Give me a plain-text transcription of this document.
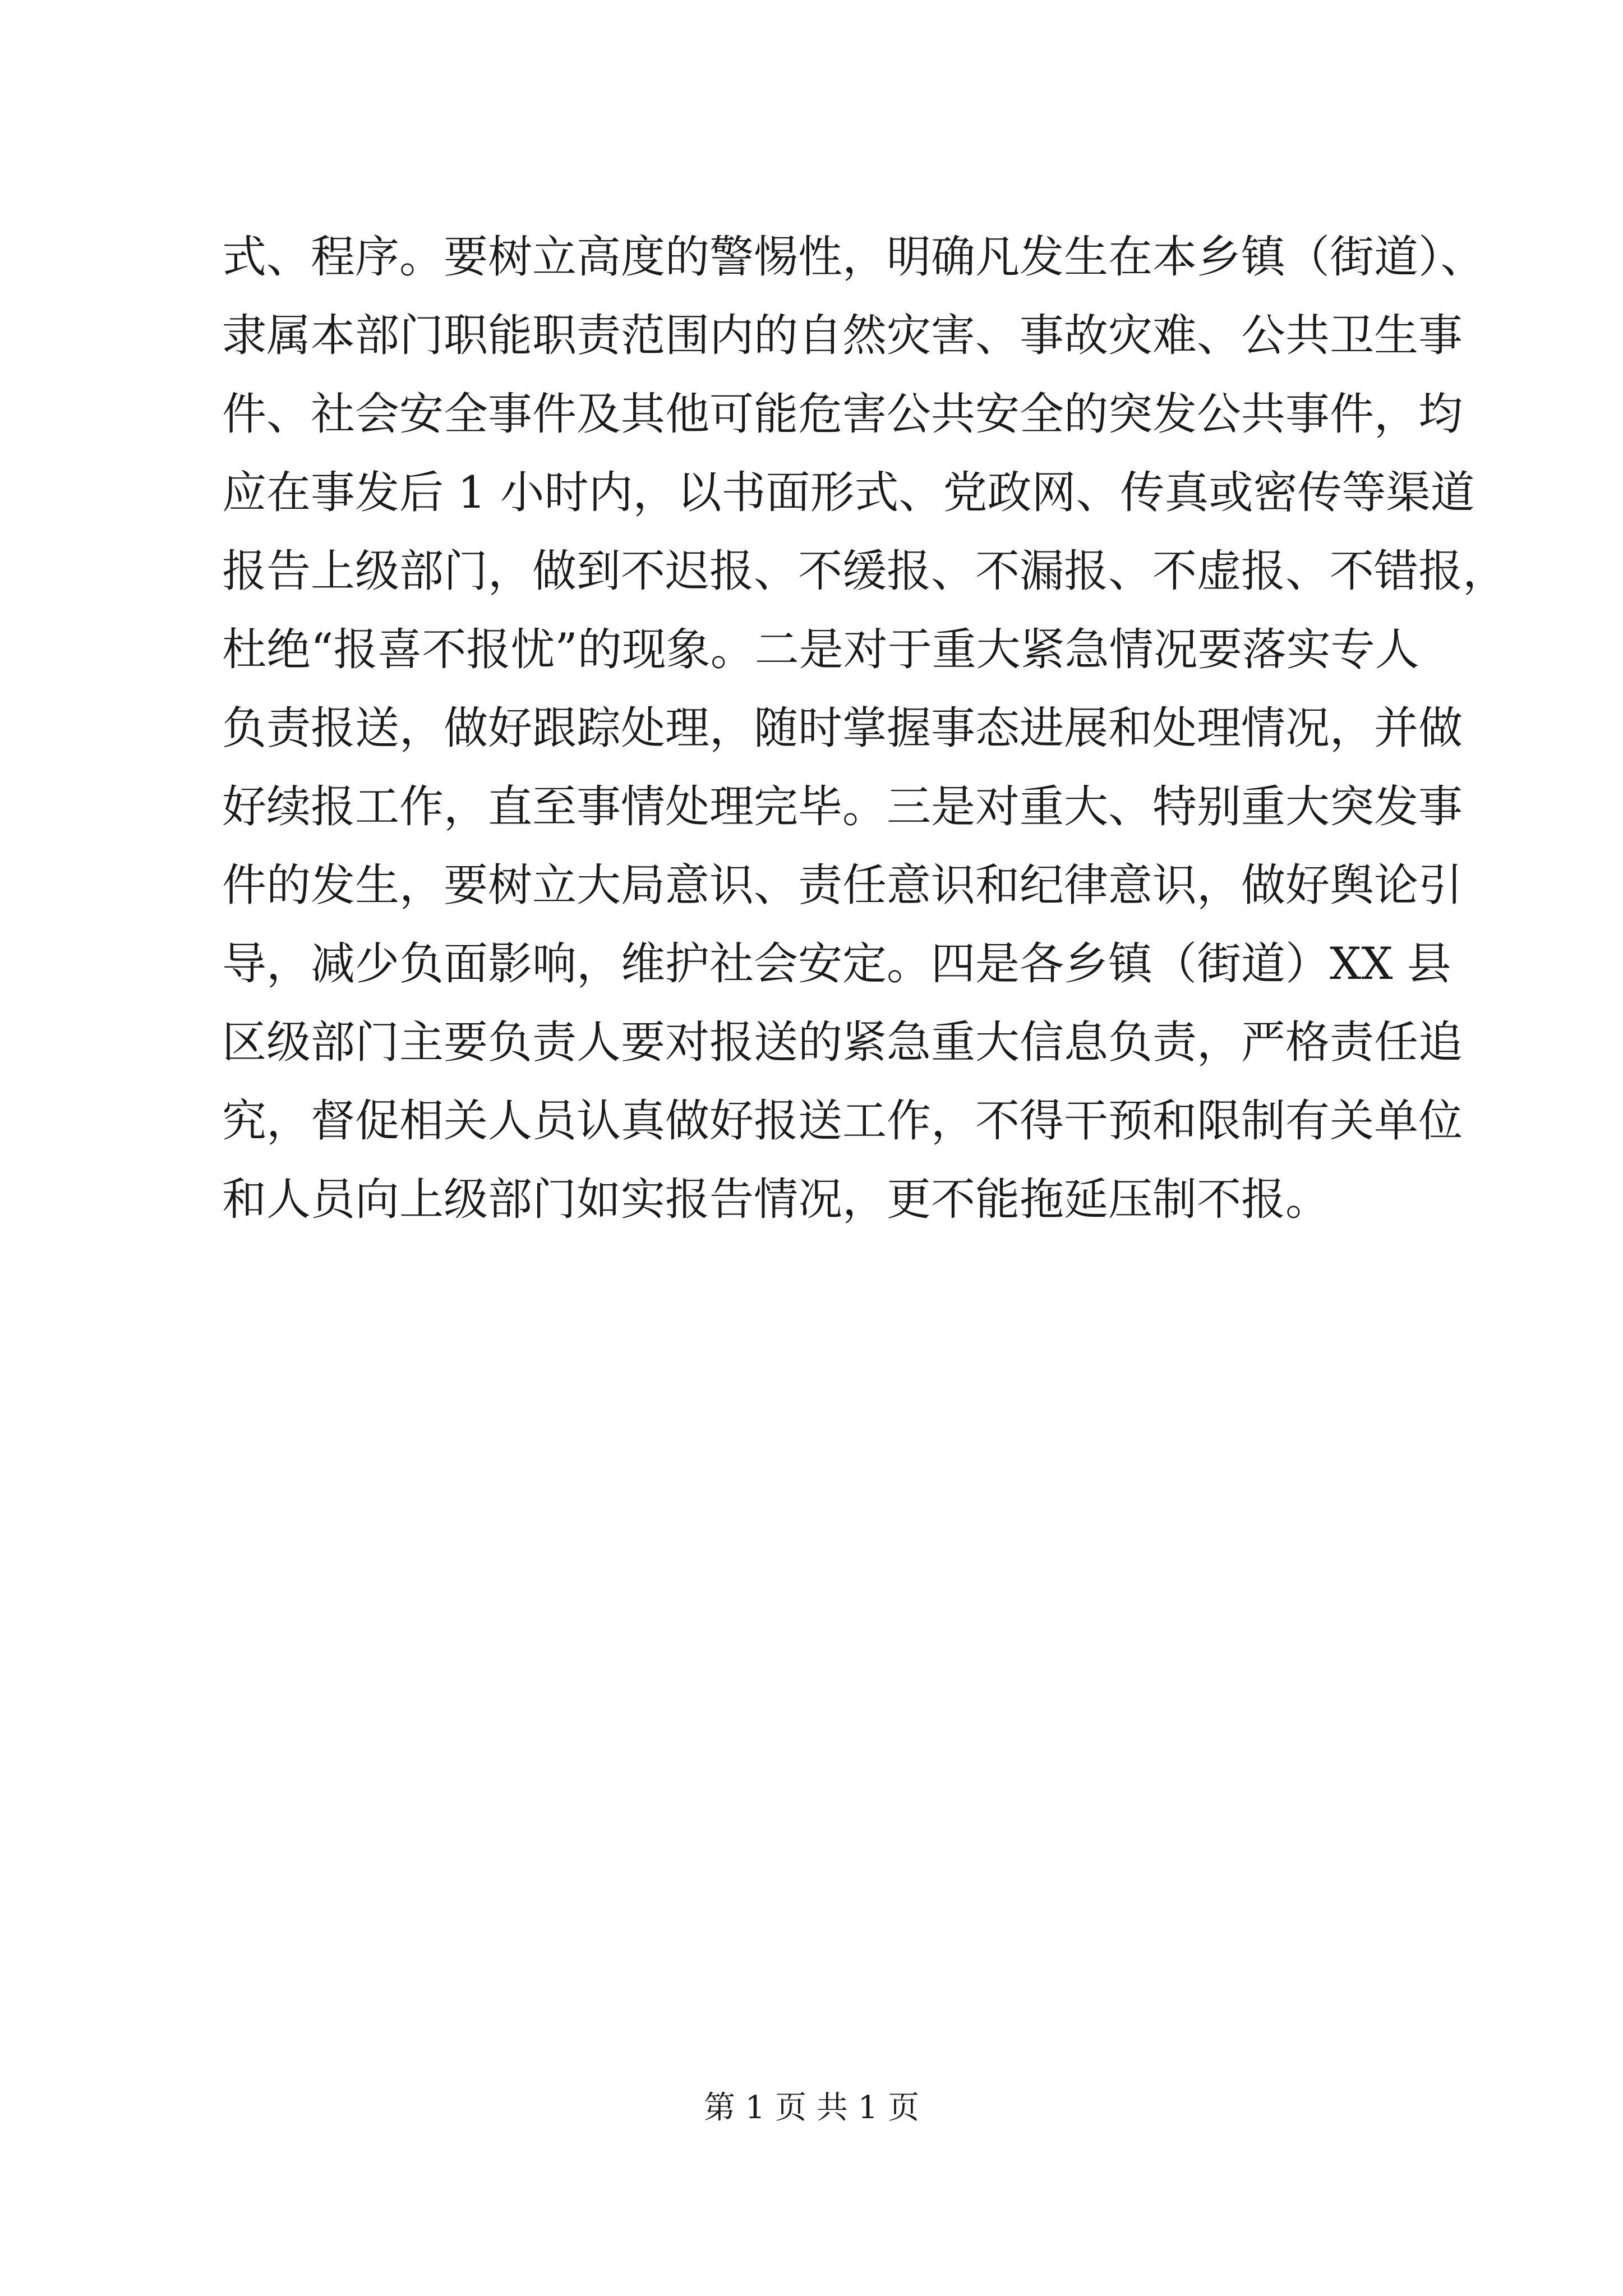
式、程序。要树立高度的警惕性，明确凡发生在本乡镇（街道）、
隶属本部门职能职责范围内的自然灾害、事故灾难、公共卫生事
件、社会安全事件及其他可能危害公共安全的突发公共事件，均
应在事发后 1 小时内，以书面形式、党政网、传真或密传等渠道
报告上级部门，做到不迟报、不缓报、不漏报、不虚报、不错报，
杜绝“报喜不报忧”的现象。二是对于重大紧急情况要落实专人
负责报送，做好跟踪处理，随时掌握事态进展和处理情况，并做
好续报工作，直至事情处理完毕。三是对重大、特别重大突发事
件的发生，要树立大局意识、责任意识和纪律意识，做好舆论引
导，减少负面影响，维护社会安定。四是各乡镇（街道）XX 县
区级部门主要负责人要对报送的紧急重大信息负责，严格责任追
究，督促相关人员认真做好报送工作，不得干预和限制有关单位
和人员向上级部门如实报告情况，更不能拖延压制不报。
第 1 页 共 1 页
